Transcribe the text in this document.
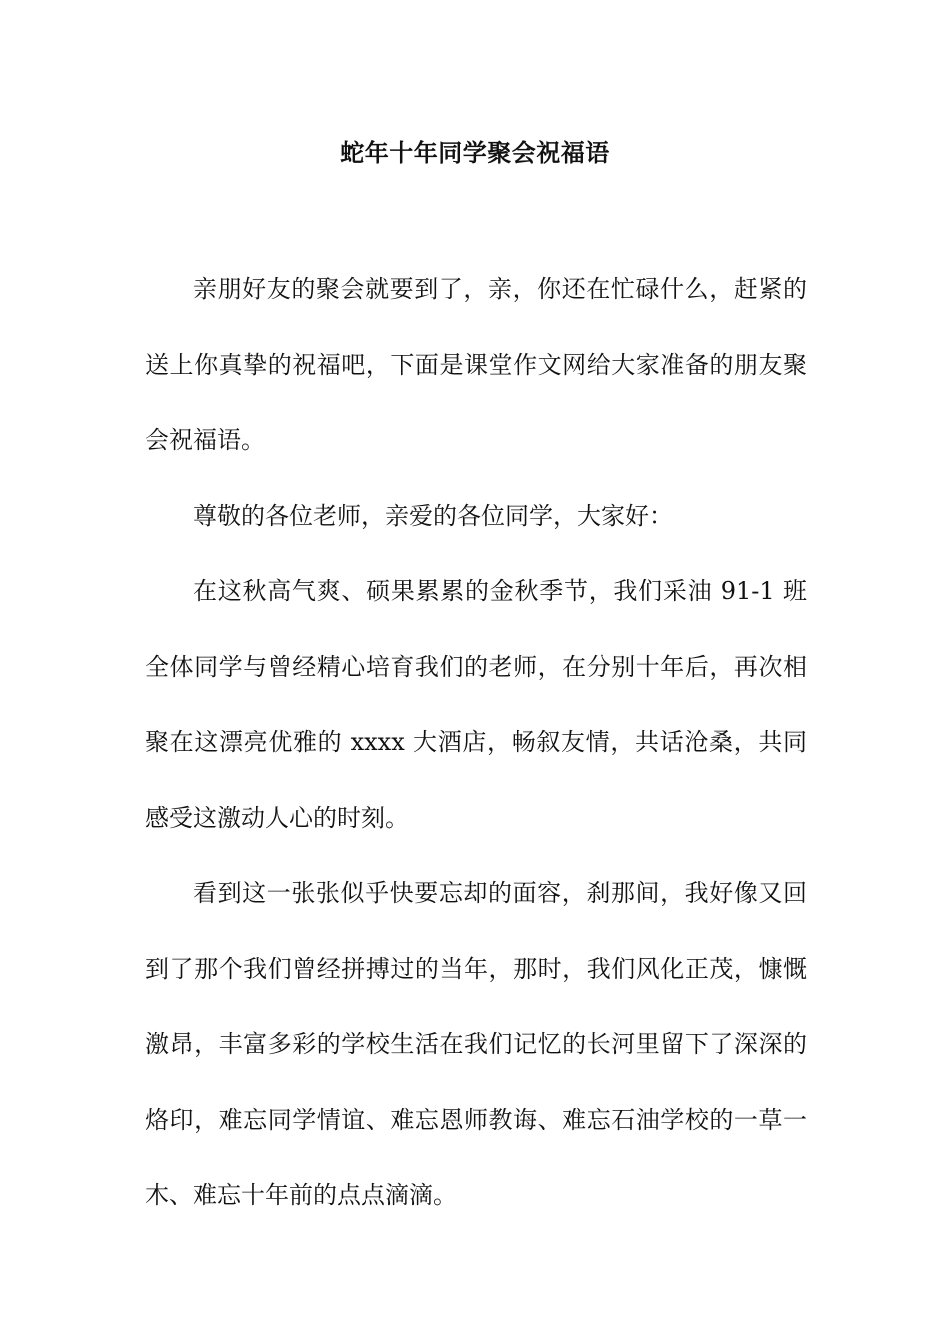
蛇年十年同学聚会祝福语

亲朋好友的聚会就要到了，亲，你还在忙碌什么，赶紧的送上你真挚的祝福吧，下面是课堂作文网给大家准备的朋友聚会祝福语。

尊敬的各位老师，亲爱的各位同学，大家好：

在这秋高气爽、硕果累累的金秋季节，我们采油 91-1 班全体同学与曾经精心培育我们的老师，在分别十年后，再次相聚在这漂亮优雅的 xxxx 大酒店，畅叙友情，共话沧桑，共同感受这激动人心的时刻。

看到这一张张似乎快要忘却的面容，刹那间，我好像又回到了那个我们曾经拼搏过的当年，那时，我们风化正茂，慷慨激昂，丰富多彩的学校生活在我们记忆的长河里留下了深深的烙印，难忘同学情谊、难忘恩师教诲、难忘石油学校的一草一木、难忘十年前的点点滴滴。
